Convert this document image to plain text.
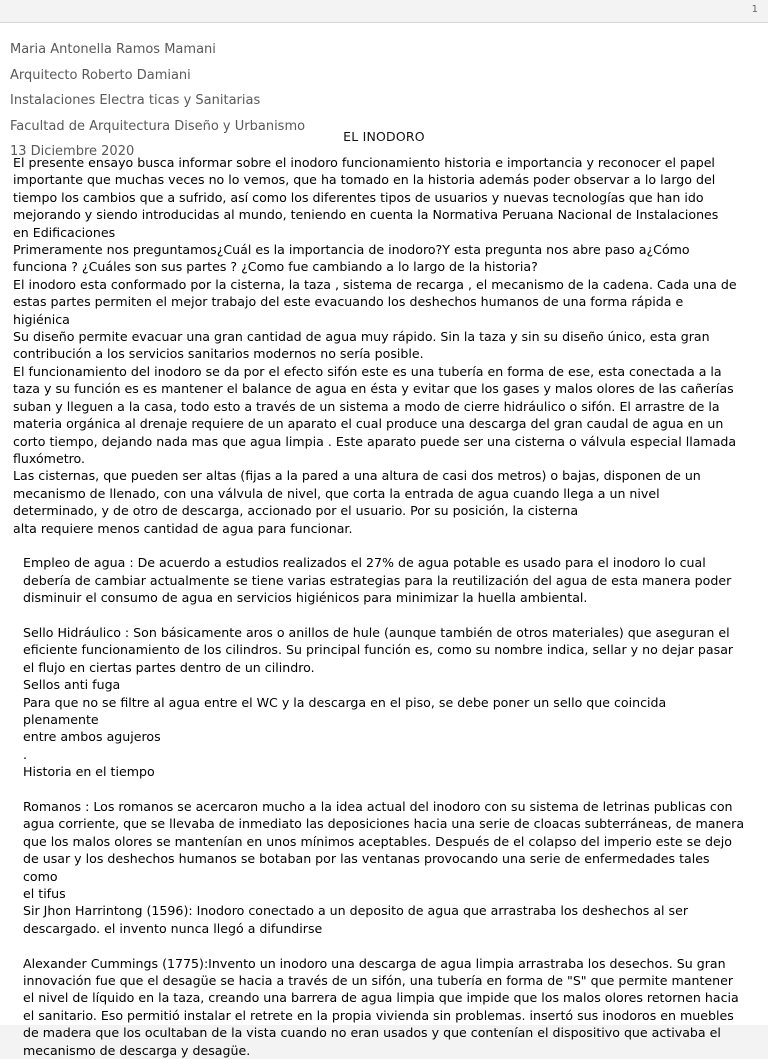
1
Maria Antonella Ramos Mamani
Arquitecto Roberto Damiani
Instalaciones Electra ticas y Sanitarias
Facultad de Arquitectura Diseño y Urbanismo
13 Diciembre 2020
EL INODORO

El presente ensayo busca informar sobre el inodoro funcionamiento historia e importancia y reconocer el papel
importante que muchas veces no lo vemos, que ha tomado en la historia además poder observar a lo largo del
tiempo los cambios que a sufrido, así como los diferentes tipos de usuarios y nuevas tecnologías que han ido
mejorando y siendo introducidas al mundo, teniendo en cuenta la Normativa Peruana Nacional de Instalaciones
en Edificaciones

Primeramente nos preguntamos¿Cuál es la importancia de inodoro?Y esta pregunta nos abre paso a¿Cómo
funciona ? ¿Cuáles son sus partes ? ¿Como fue cambiando a lo largo de la historia?

El inodoro esta conformado por la cisterna, la taza , sistema de recarga , el mecanismo de la cadena. Cada una de
estas partes permiten el mejor trabajo del este evacuando los deshechos humanos de una forma rápida e
higiénica

Su diseño permite evacuar una gran cantidad de agua muy rápido. Sin la taza y sin su diseño único, esta gran
contribución a los servicios sanitarios modernos no sería posible.

El funcionamiento del inodoro se da por el efecto sifón este es una tubería en forma de ese, esta conectada a la
taza y su función es es mantener el balance de agua en ésta y evitar que los gases y malos olores de las cañerías
suban y lleguen a la casa, todo esto a través de un sistema a modo de cierre hidráulico o sifón. El arrastre de la
materia orgánica al drenaje requiere de un aparato el cual produce una descarga del gran caudal de agua en un
corto tiempo, dejando nada mas que agua limpia . Este aparato puede ser una cisterna o válvula especial llamada
fluxómetro.

Las cisternas, que pueden ser altas (fijas a la pared a una altura de casi dos metros) o bajas, disponen de un
mecanismo de llenado, con una válvula de nivel, que corta la entrada de agua cuando llega a un nivel
determinado, y de otro de descarga, accionado por el usuario. Por su posición, la cisterna
alta requiere menos cantidad de agua para funcionar.

Empleo de agua : De acuerdo a estudios realizados el 27% de agua potable es usado para el inodoro lo cual
debería de cambiar actualmente se tiene varias estrategias para la reutilización del agua de esta manera poder
disminuir el consumo de agua en servicios higiénicos para minimizar la huella ambiental.

Sello Hidráulico : Son básicamente aros o anillos de hule (aunque también de otros materiales) que aseguran el
eficiente funcionamiento de los cilindros. Su principal función es, como su nombre indica, sellar y no dejar pasar
el flujo en ciertas partes dentro de un cilindro.

Sellos anti fuga

Para que no se filtre al agua entre el WC y la descarga en el piso, se debe poner un sello que coincida plenamente
entre ambos agujeros

.

Historia en el tiempo

Romanos : Los romanos se acercaron mucho a la idea actual del inodoro con su sistema de letrinas publicas con
agua corriente, que se llevaba de inmediato las deposiciones hacia una serie de cloacas subterráneas, de manera
que los malos olores se mantenían en unos mínimos aceptables. Después de el colapso del imperio este se dejo
de usar y los deshechos humanos se botaban por las ventanas provocando una serie de enfermedades tales como
el tifus

Sir Jhon Harrintong (1596): Inodoro conectado a un deposito de agua que arrastraba los deshechos al ser
descargado. el invento nunca llegó a difundirse

Alexander Cummings (1775):Invento un inodoro una descarga de agua limpia arrastraba los desechos. Su gran
innovación fue que el desagüe se hacia a través de un sifón, una tubería en forma de "S" que permite mantener
el nivel de líquido en la taza, creando una barrera de agua limpia que impide que los malos olores retornen hacia
el sanitario. Eso permitió instalar el retrete en la propia vivienda sin problemas. insertó sus inodoros en muebles
de madera que los ocultaban de la vista cuando no eran usados y que contenían el dispositivo que activaba el
mecanismo de descarga y desagüe.
